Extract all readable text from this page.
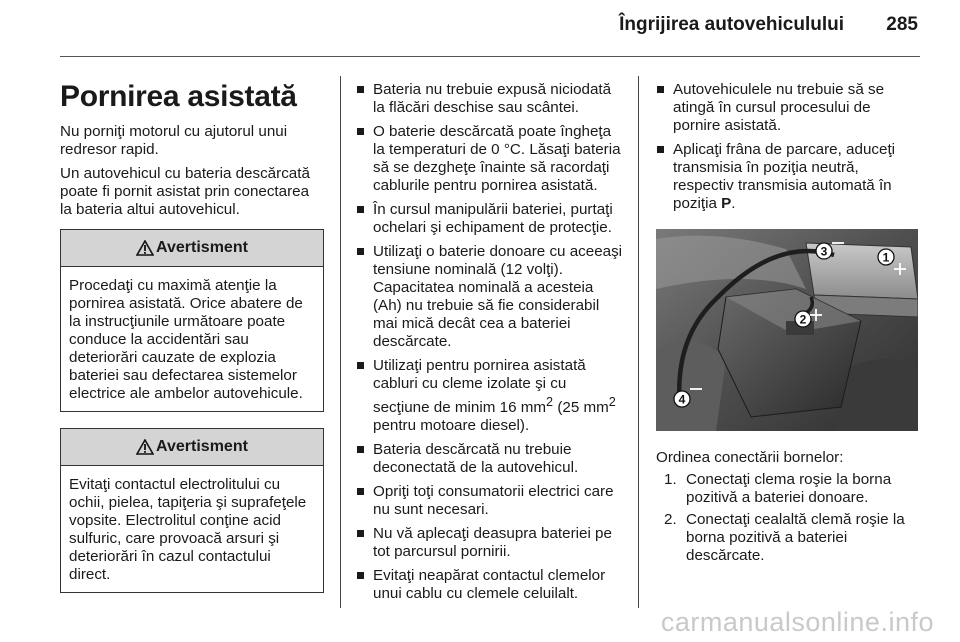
Îngrijirea autovehiculului 285
Pornirea asistată

Nu porniţi motorul cu ajutorul unui redresor rapid.

Un autovehicul cu bateria descărcată poate fi pornit asistat prin conectarea la bateria altui autovehicul.

Avertisment
Procedaţi cu maximă atenţie la pornirea asistată. Orice abatere de la instrucţiunile următoare poate conduce la accidentări sau deteriorări cauzate de explozia bateriei sau defectarea sistemelor electrice ale ambelor autovehicule.
Avertisment
Evitaţi contactul electrolitului cu ochii, pielea, tapiţeria şi suprafeţele vopsite. Electrolitul conţine acid sulfuric, care provoacă arsuri şi deteriorări în cazul contactului direct.
Bateria nu trebuie expusă niciodată la flăcări deschise sau scântei.
O baterie descărcată poate îngheţa la temperaturi de 0 °C. Lăsaţi bateria să se dezgheţe înainte să racordaţi cablurile pentru pornirea asistată.
În cursul manipulării bateriei, purtaţi ochelari şi echipament de protecţie.
Utilizaţi o baterie donoare cu aceeaşi tensiune nominală (12 volţi). Capacitatea nominală a acesteia (Ah) nu trebuie să fie considerabil mai mică decât cea a bateriei descărcate.
Utilizaţi pentru pornirea asistată cabluri cu cleme izolate şi cu secţiune de minim 16 $mm^2$ (25 $mm^2$ pentru motoare diesel).
Bateria descărcată nu trebuie deconectată de la autovehicul.
Opriţi toţi consumatorii electrici care nu sunt necesari.
Nu vă aplecaţi deasupra bateriei pe tot parcursul pornirii.
Evitaţi neapărat contactul clemelor unui cablu cu clemele celuilalt.
Autovehiculele nu trebuie să se atingă în cursul procesului de pornire asistată.
Aplicaţi frâna de parcare, aduceţi transmisia în poziţia neutră, respectiv transmisia automată în poziţia P.
1
2
3
4
Ordinea conectării bornelor:
1. Conectaţi clema roşie la borna pozitivă a bateriei donoare.
2. Conectaţi cealaltă clemă roşie la borna pozitivă a bateriei descărcate.
carmanualsonline.info
